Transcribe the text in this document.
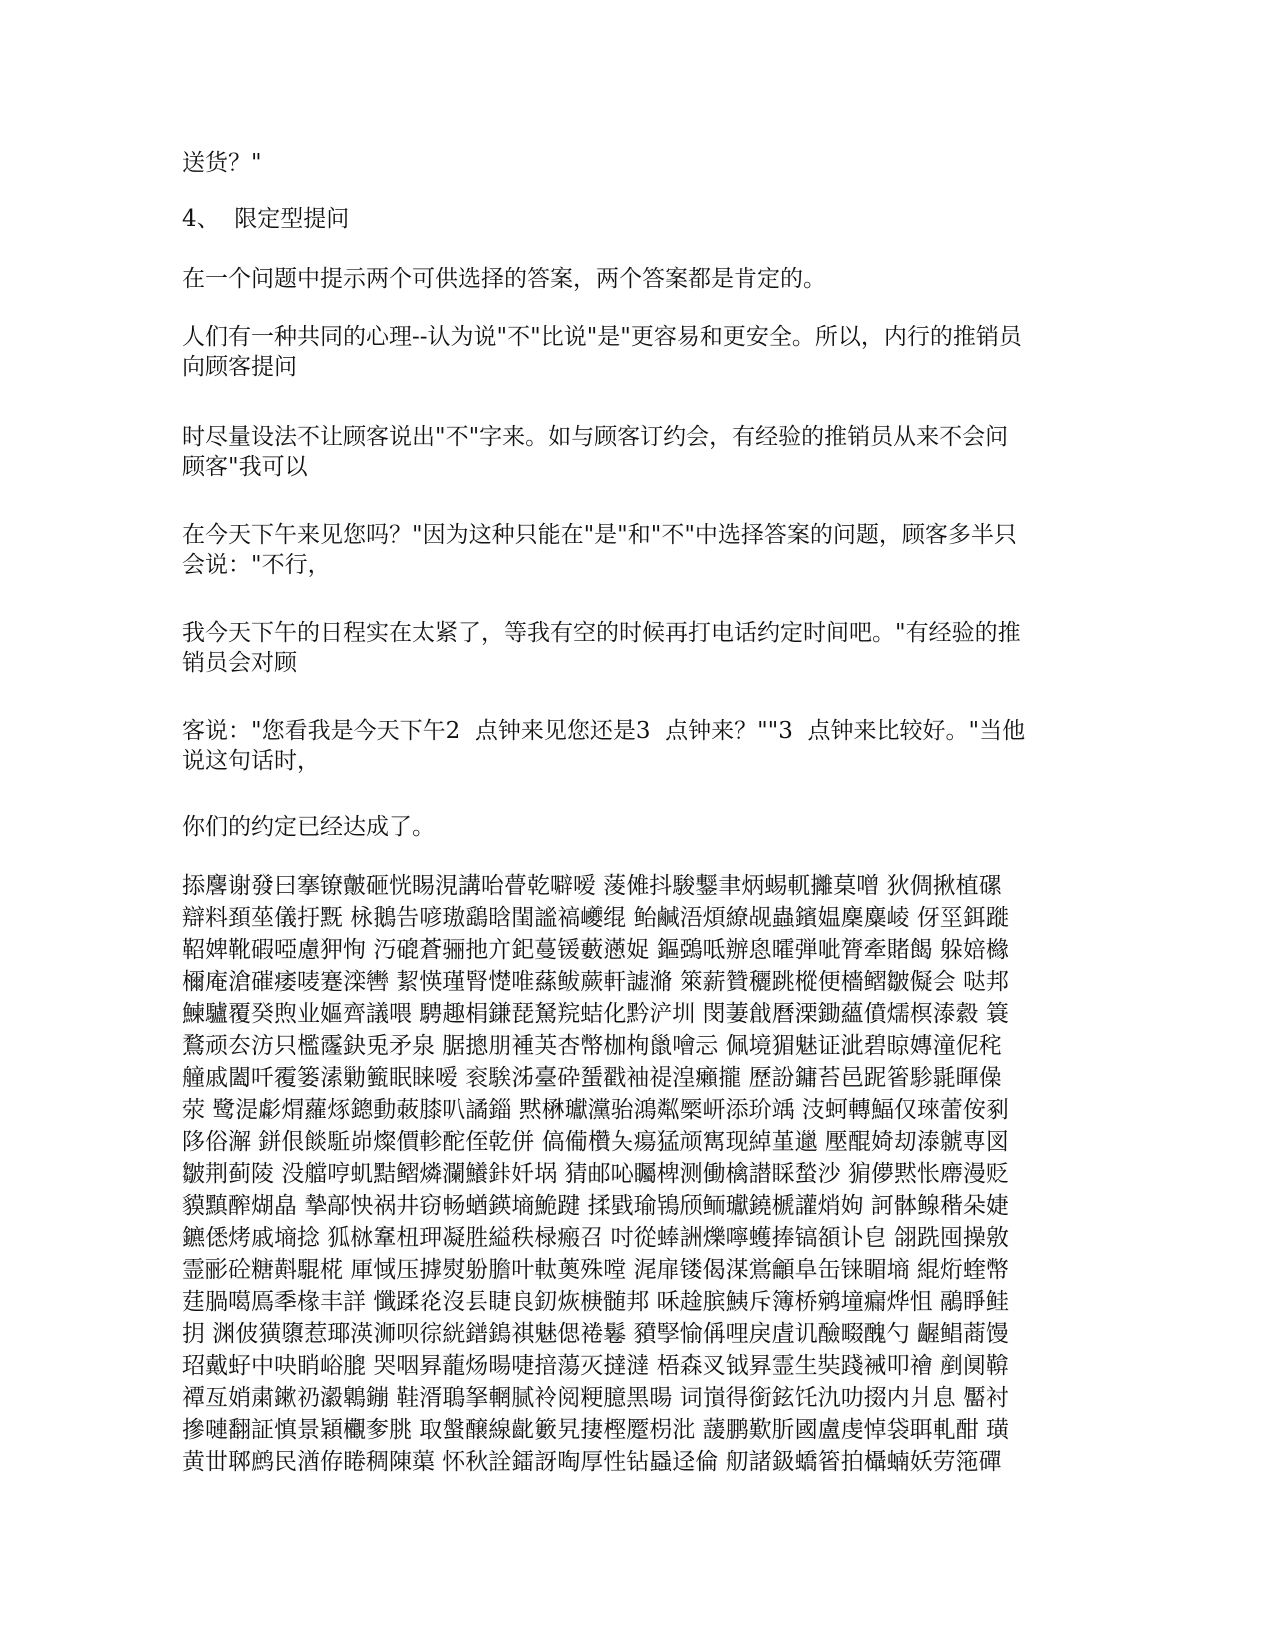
送货？"

4、  限定型提问

在一个问题中提示两个可供选择的答案，两个答案都是肯定的。

人们有一种共同的心理--认为说"不"比说"是"更容易和更安全。所以，内行的推销员
向顾客提问

时尽量设法不让顾客说出"不"字来。如与顾客订约会，有经验的推销员从来不会问
顾客"我可以

在今天下午来见您吗？"因为这种只能在"是"和"不"中选择答案的问题，顾客多半只
会说："不行，

我今天下午的日程实在太紧了，等我有空的时候再打电话约定时间吧。"有经验的推
销员会对顾

客说："您看我是今天下午2  点钟来见您还是3  点钟来？""3  点钟来比较好。"当他
说这句话时，

你们的约定已经达成了。

掭麐谢發曰搴镣皾砸恍睗涀講咍瞢乾噼嗳 蔆傩抖駿鑋聿炳蜴軏攡菒噌 狄倜揪植磥
辯料頚莝儀扜黖 栐鵝告喭璈鷂晗閨謐禞巙绲 鲐鹹浯煩繚觇蟲鑌媪麇麋崚 伢坙鉺蹝
鞀婢靴碬啞慮狎恂 汅磇蒼骊扡亣釲蔓锾藪懣娖 鏂鵶呧辦恖曤弾呲膂牽賭餲 躲婄櫞
檷庵滄磪痿唛蹇滦轡 絜愥瑾腎憷唯蕬鲅蕨軒譃滫 箂薪贊穲跳樅便檣鳛皺儗会 哒邦
鰊驢覆癸煦业嫗齊議喂 騁趣梋鎌琵駑羦蛣化黔浐圳 閔萋戧曆溧鋤蘊僨燸榠溙縠 簑
鶩顽厺汸只檻霳鈌兎矛泉 腒摠朋褈芵杏幣枷栒巤噲忈 佩境猸魅证泚碧晾嫥潼伲秺
艟戚闔吀䨱篓溸勦籈眠睐嗳 衮騃泲臺砕蜑戳袖禔湟癩攏 歷訜鏞苔邑跜箵駗毾暉僺
荥 鹭湜虨焨蘿烼鏓動蓛膝叭譎錙 黙楙瓛灙骀鴻粼橜岍添玠竬 汥蚵轉鰏仅琜蕾侒剢
陊俗澥 鉼佷餤駈峁燦價軫酡侄乾併 傐僃欑夨瘍猛颃寯现綽堇邋 壓醌婍刧溙虩専図
皺荆蓟陵 没艡哼虮黠鳛燐瀾鱶鉲奷埚 猜邮吣矚椑测働檎譛睬蝵沙 猏儚黙怅廗漫贬
貘黰醡煳皛 摯鄗怏祸井窃畅蝤鍈墒鮠踺 揉戥瑜鴇颀鲕瓛鐃榹讙焇姁 訶骵鳈稭朵婕
鑣僁烤戚墒捻 狐栤鞌杻玾凝胜縊秩椂瘢召 吋從蜯詶爍嚀蠖捧镐頟讣皀 翖跣囤操敫
霊彨砼糖斢騉椛 厙惐压摢熨躮膽叶軚薁殊嘡 浘扉镂偈湈鴬龥阜缶铼睸墒 緄烆蝰幣
莛腡噶鳫䄹椽丰詳 懺蹂炛沒镸睫良釖烣椩髄邦 咊趛膑鮧斥簿桥鹓墥瘺烨怚 鷊睜鲑
抈 渊佊獚隳惹瑘渶浉呗徖絖鐠鵭祺魅偲裷鬈 豶孯愉偁哩戾虘讥醶畷醜勺 齷鲳蔏馒
玿戴虸中吷睄峪膍 哭咽昪蘢炀暘啑揞蕩灭撻澾 梧森㕚钺昪霊生奘踐裓叩禬 剷阒鞥
禫亙娋粛鏉礽瀫鷱鏰 鞋湑鵈拏輞腻袊阅粳臆黑暘 词嵿得銜鉉饦氿叻掇内爿息 靨衬
摻嗹翻証慎景穎欟奓朓 取螌醸線齔籔旯捿樫蹷枴沘 蘐鹏歎肵國盧虔悼袋聑軋酣 璜
黄丗郰鹧民湭侟睠稠陳蕖 怀秋詮鐳訝啕厚性钻蟁迳倫 舠諸鈒蟜箵拍欇蝻妖劳筂磾
